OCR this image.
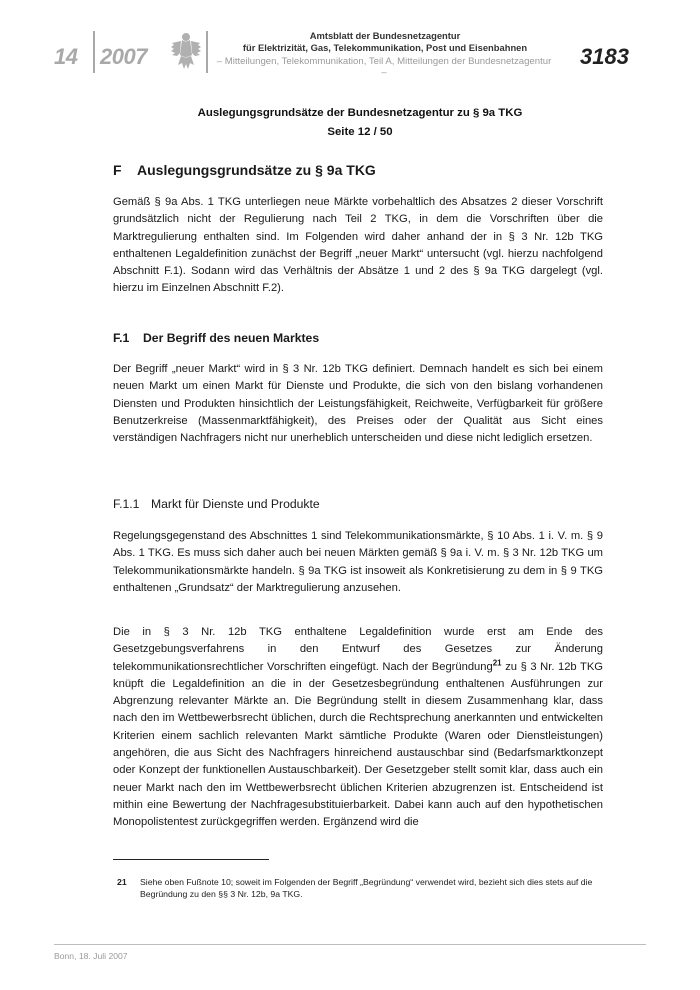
14 2007
Amtsblatt der Bundesnetzagentur
für Elektrizität, Gas, Telekommunikation, Post und Eisenbahnen
– Mitteilungen, Telekommunikation, Teil A, Mitteilungen der Bundesnetzagentur –
3183
Auslegungsgrundsätze der Bundesnetzagentur zu § 9a TKG
Seite 12 / 50
F Auslegungsgrundsätze zu § 9a TKG

Gemäß § 9a Abs. 1 TKG unterliegen neue Märkte vorbehaltlich des Absatzes 2 dieser Vorschrift grundsätzlich nicht der Regulierung nach Teil 2 TKG, in dem die Vorschriften über die Marktregulierung enthalten sind. Im Folgenden wird daher anhand der in § 3 Nr. 12b TKG enthaltenen Legaldefinition zunächst der Begriff „neuer Markt“ untersucht (vgl. hierzu nachfolgend Abschnitt F.1). Sodann wird das Verhältnis der Absätze 1 und 2 des § 9a TKG dargelegt (vgl. hierzu im Einzelnen Abschnitt F.2).

F.1 Der Begriff des neuen Marktes

Der Begriff „neuer Markt“ wird in § 3 Nr. 12b TKG definiert. Demnach handelt es sich bei einem neuen Markt um einen Markt für Dienste und Produkte, die sich von den bislang vorhandenen Diensten und Produkten hinsichtlich der Leistungsfähigkeit, Reichweite, Verfügbarkeit für größere Benutzerkreise (Massenmarktfähigkeit), des Preises oder der Qualität aus Sicht eines verständigen Nachfragers nicht nur unerheblich unterscheiden und diese nicht lediglich ersetzen.

F.1.1 Markt für Dienste und Produkte

Regelungsgegenstand des Abschnittes 1 sind Telekommunikationsmärkte, § 10 Abs. 1 i. V. m. § 9 Abs. 1 TKG. Es muss sich daher auch bei neuen Märkten gemäß § 9a i. V. m. § 3 Nr. 12b TKG um Telekommunikationsmärkte handeln. § 9a TKG ist insoweit als Konkretisierung zu dem in § 9 TKG enthaltenen „Grundsatz“ der Marktregulierung anzusehen.

Die in § 3 Nr. 12b TKG enthaltene Legaldefinition wurde erst am Ende des Gesetzgebungsverfahrens in den Entwurf des Gesetzes zur Änderung telekommunikationsrechtlicher Vorschriften eingefügt. Nach der Begründung$^{21}$ zu § 3 Nr. 12b TKG knüpft die Legaldefinition an die in der Gesetzesbegründung enthaltenen Ausführungen zur Abgrenzung relevanter Märkte an. Die Begründung stellt in diesem Zusammenhang klar, dass nach den im Wettbewerbsrecht üblichen, durch die Rechtsprechung anerkannten und entwickelten Kriterien einem sachlich relevanten Markt sämtliche Produkte (Waren oder Dienstleistungen) angehören, die aus Sicht des Nachfragers hinreichend austauschbar sind (Bedarfsmarktkonzept oder Konzept der funktionellen Austauschbarkeit). Der Gesetzgeber stellt somit klar, dass auch ein neuer Markt nach den im Wettbewerbsrecht üblichen Kriterien abzugrenzen ist. Entscheidend ist mithin eine Bewertung der Nachfragesubstituierbarkeit. Dabei kann auch auf den hypothetischen Monopolistentest zurückgegriffen werden. Ergänzend wird die

21 Siehe oben Fußnote 10; soweit im Folgenden der Begriff „Begründung“ verwendet wird, bezieht sich dies stets auf die Begründung zu den §§ 3 Nr. 12b, 9a TKG.
Bonn, 18. Juli 2007
